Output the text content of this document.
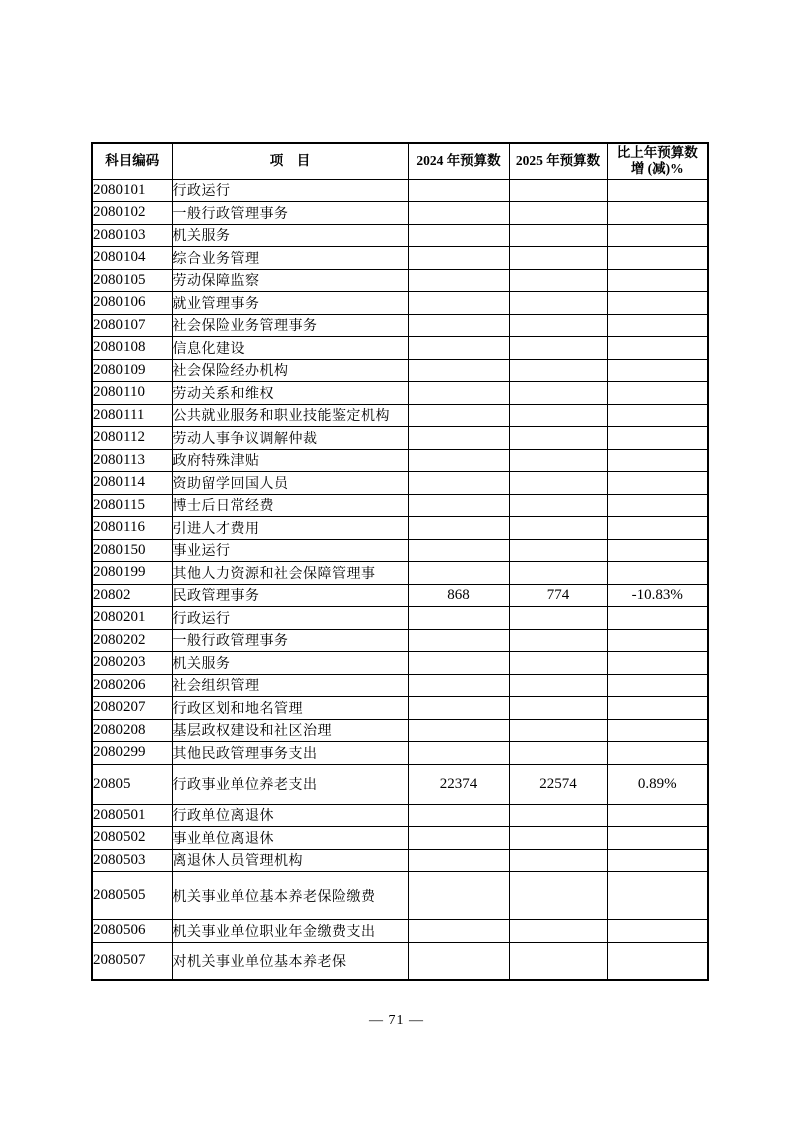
科目编码	项　目	2024 年预算数	2025 年预算数	比上年预算数
增 (减)%

2080101	行政运行			
2080102	一般行政管理事务			
2080103	机关服务			
2080104	综合业务管理			
2080105	劳动保障监察			
2080106	就业管理事务			
2080107	社会保险业务管理事务			
2080108	信息化建设			
2080109	社会保险经办机构			
2080110	劳动关系和维权			
2080111	公共就业服务和职业技能鉴定机构			
2080112	劳动人事争议调解仲裁			
2080113	政府特殊津贴			
2080114	资助留学回国人员			
2080115	博士后日常经费			
2080116	引进人才费用			
2080150	事业运行			
2080199	其他人力资源和社会保障管理事			
20802	民政管理事务	868	774	-10.83%
2080201	行政运行			
2080202	一般行政管理事务			
2080203	机关服务			
2080206	社会组织管理			
2080207	行政区划和地名管理			
2080208	基层政权建设和社区治理			
2080299	其他民政管理事务支出			
20805	行政事业单位养老支出	22374	22574	0.89%
2080501	行政单位离退休			
2080502	事业单位离退休			
2080503	离退休人员管理机构			
2080505	机关事业单位基本养老保险缴费			
2080506	机关事业单位职业年金缴费支出			
2080507	对机关事业单位基本养老保			
— 71 —
